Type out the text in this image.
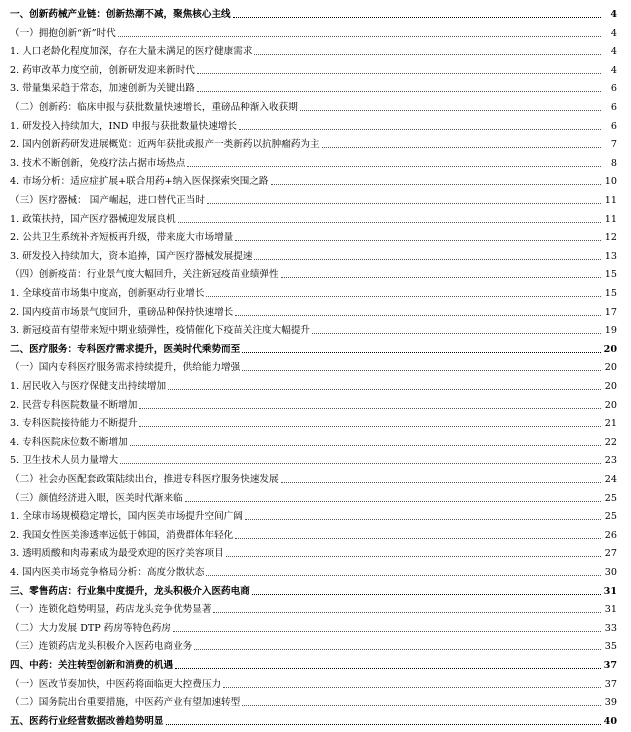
一、创新药械产业链：创新热潮不减，聚焦核心主线	4
（一）拥抱创新“新”时代	4
1. 人口老龄化程度加深，存在大量未满足的医疗健康需求	4
2. 药审改革力度空前，创新研发迎来新时代	4
3. 带量集采趋于常态，加速创新为关键出路	6
（二）创新药：临床申报与获批数量快速增长，重磅品种渐入收获期	6
1. 研发投入持续加大，IND 申报与获批数量快速增长	6
2. 国内创新药研发进展概览：近两年获批或报产一类新药以抗肿瘤药为主	7
3. 技术不断创新，免疫疗法占据市场热点	8
4. 市场分析：适应症扩展+联合用药+纳入医保探索突围之路	10
（三）医疗器械： 国产崛起，进口替代正当时	11
1. 政策扶持，国产医疗器械迎发展良机	11
2. 公共卫生系统补齐短板再升级，带来庞大市场增量	12
3. 研发投入持续加大，资本追捧，国产医疗器械发展提速	13
（四）创新疫苗：行业景气度大幅回升，关注新冠疫苗业绩弹性	15
1. 全球疫苗市场集中度高，创新驱动行业增长	15
2. 国内疫苗市场景气度回升，重磅品种保持快速增长	17
3. 新冠疫苗有望带来短中期业绩弹性，疫情催化下疫苗关注度大幅提升	19
二、医疗服务：专科医疗需求提升，医美时代乘势而至	20
（一）国内专科医疗服务需求持续提升，供给能力增强	20
1. 居民收入与医疗保健支出持续增加	20
2. 民营专科医院数量不断增加	20
3. 专科医院接待能力不断提升	21
4. 专科医院床位数不断增加	22
5. 卫生技术人员力量增大	23
（二）社会办医配套政策陆续出台，推进专科医疗服务快速发展	24
（三）颜值经济进入眼，医美时代渐来临	25
1. 全球市场规模稳定增长，国内医美市场提升空间广阔	25
2. 我国女性医美渗透率远低于韩国，消费群体年轻化	26
3. 透明质酸和肉毒素成为最受欢迎的医疗美容项目	27
4. 国内医美市场竞争格局分析：高度分散状态	30
三、零售药店：行业集中度提升，龙头积极介入医药电商	31
（一）连锁化趋势明显，药店龙头竞争优势显著	31
（二）大力发展 DTP 药房等特色药房	33
（三）连锁药店龙头积极介入医药电商业务	35
四、中药：关注转型创新和消费的机遇	37
（一）医改节奏加快，中医药将面临更大控费压力	37
（二）国务院出台重要措施，中医药产业有望加速转型	39
五、医药行业经营数据改善趋势明显	40
